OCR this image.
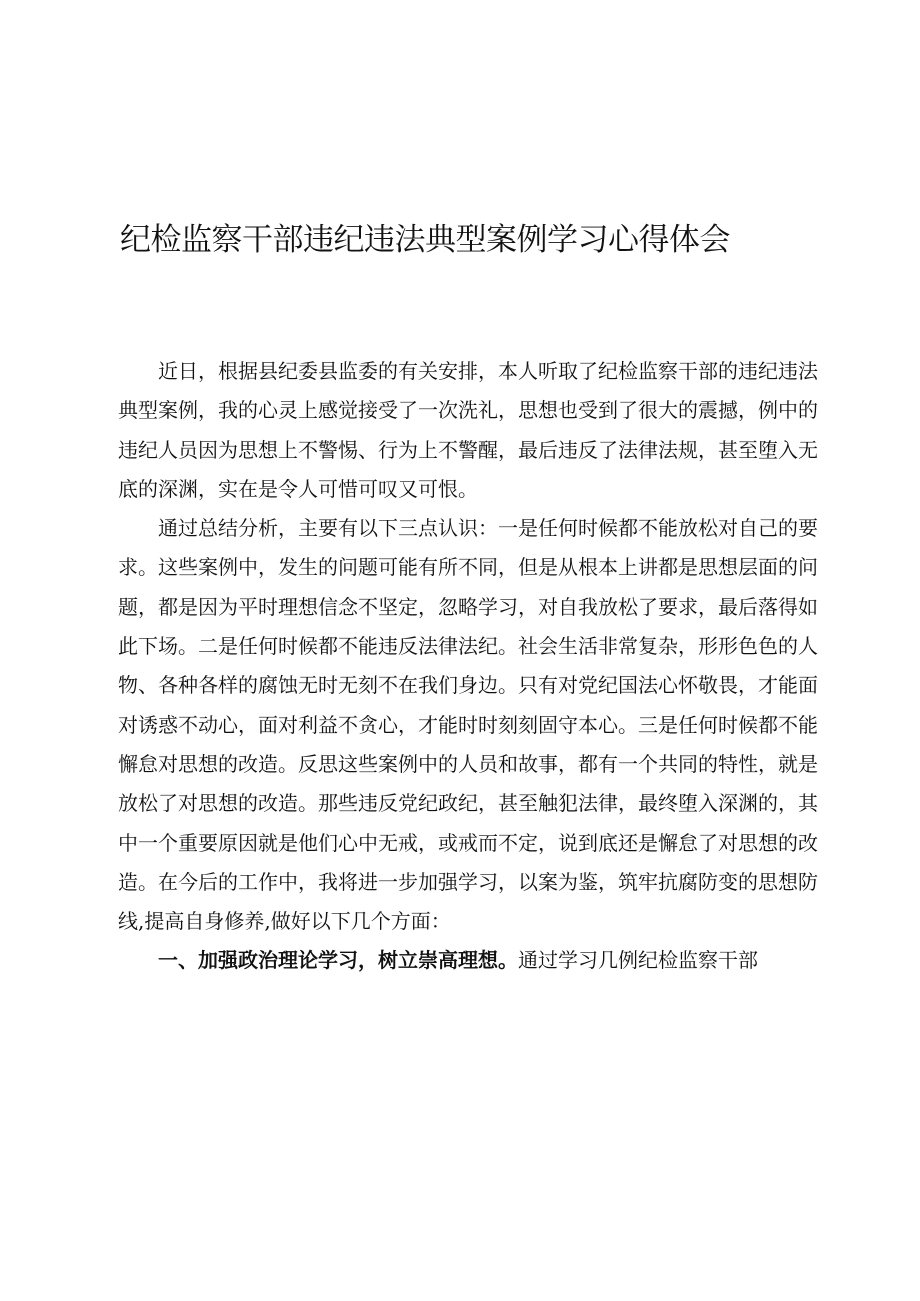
纪检监察干部违纪违法典型案例学习心得体会

近日，根据县纪委县监委的有关安排，本人听取了纪检监察干部的违纪违法典型案例，我的心灵上感觉接受了一次洗礼，思想也受到了很大的震撼，例中的违纪人员因为思想上不警惕、行为上不警醒，最后违反了法律法规，甚至堕入无底的深渊，实在是令人可惜可叹又可恨。

通过总结分析，主要有以下三点认识：一是任何时候都不能放松对自己的要求。这些案例中，发生的问题可能有所不同，但是从根本上讲都是思想层面的问题，都是因为平时理想信念不坚定，忽略学习，对自我放松了要求，最后落得如此下场。二是任何时候都不能违反法律法纪。社会生活非常复杂，形形色色的人物、各种各样的腐蚀无时无刻不在我们身边。只有对党纪国法心怀敬畏，才能面对诱惑不动心，面对利益不贪心，才能时时刻刻固守本心。三是任何时候都不能懈怠对思想的改造。反思这些案例中的人员和故事，都有一个共同的特性，就是放松了对思想的改造。那些违反党纪政纪，甚至触犯法律，最终堕入深渊的，其中一个重要原因就是他们心中无戒，或戒而不定，说到底还是懈怠了对思想的改造。在今后的工作中，我将进一步加强学习，以案为鉴，筑牢抗腐防变的思想防线,提高自身修养,做好以下几个方面：

一、加强政治理论学习，树立崇高理想。通过学习几例纪检监察干部
